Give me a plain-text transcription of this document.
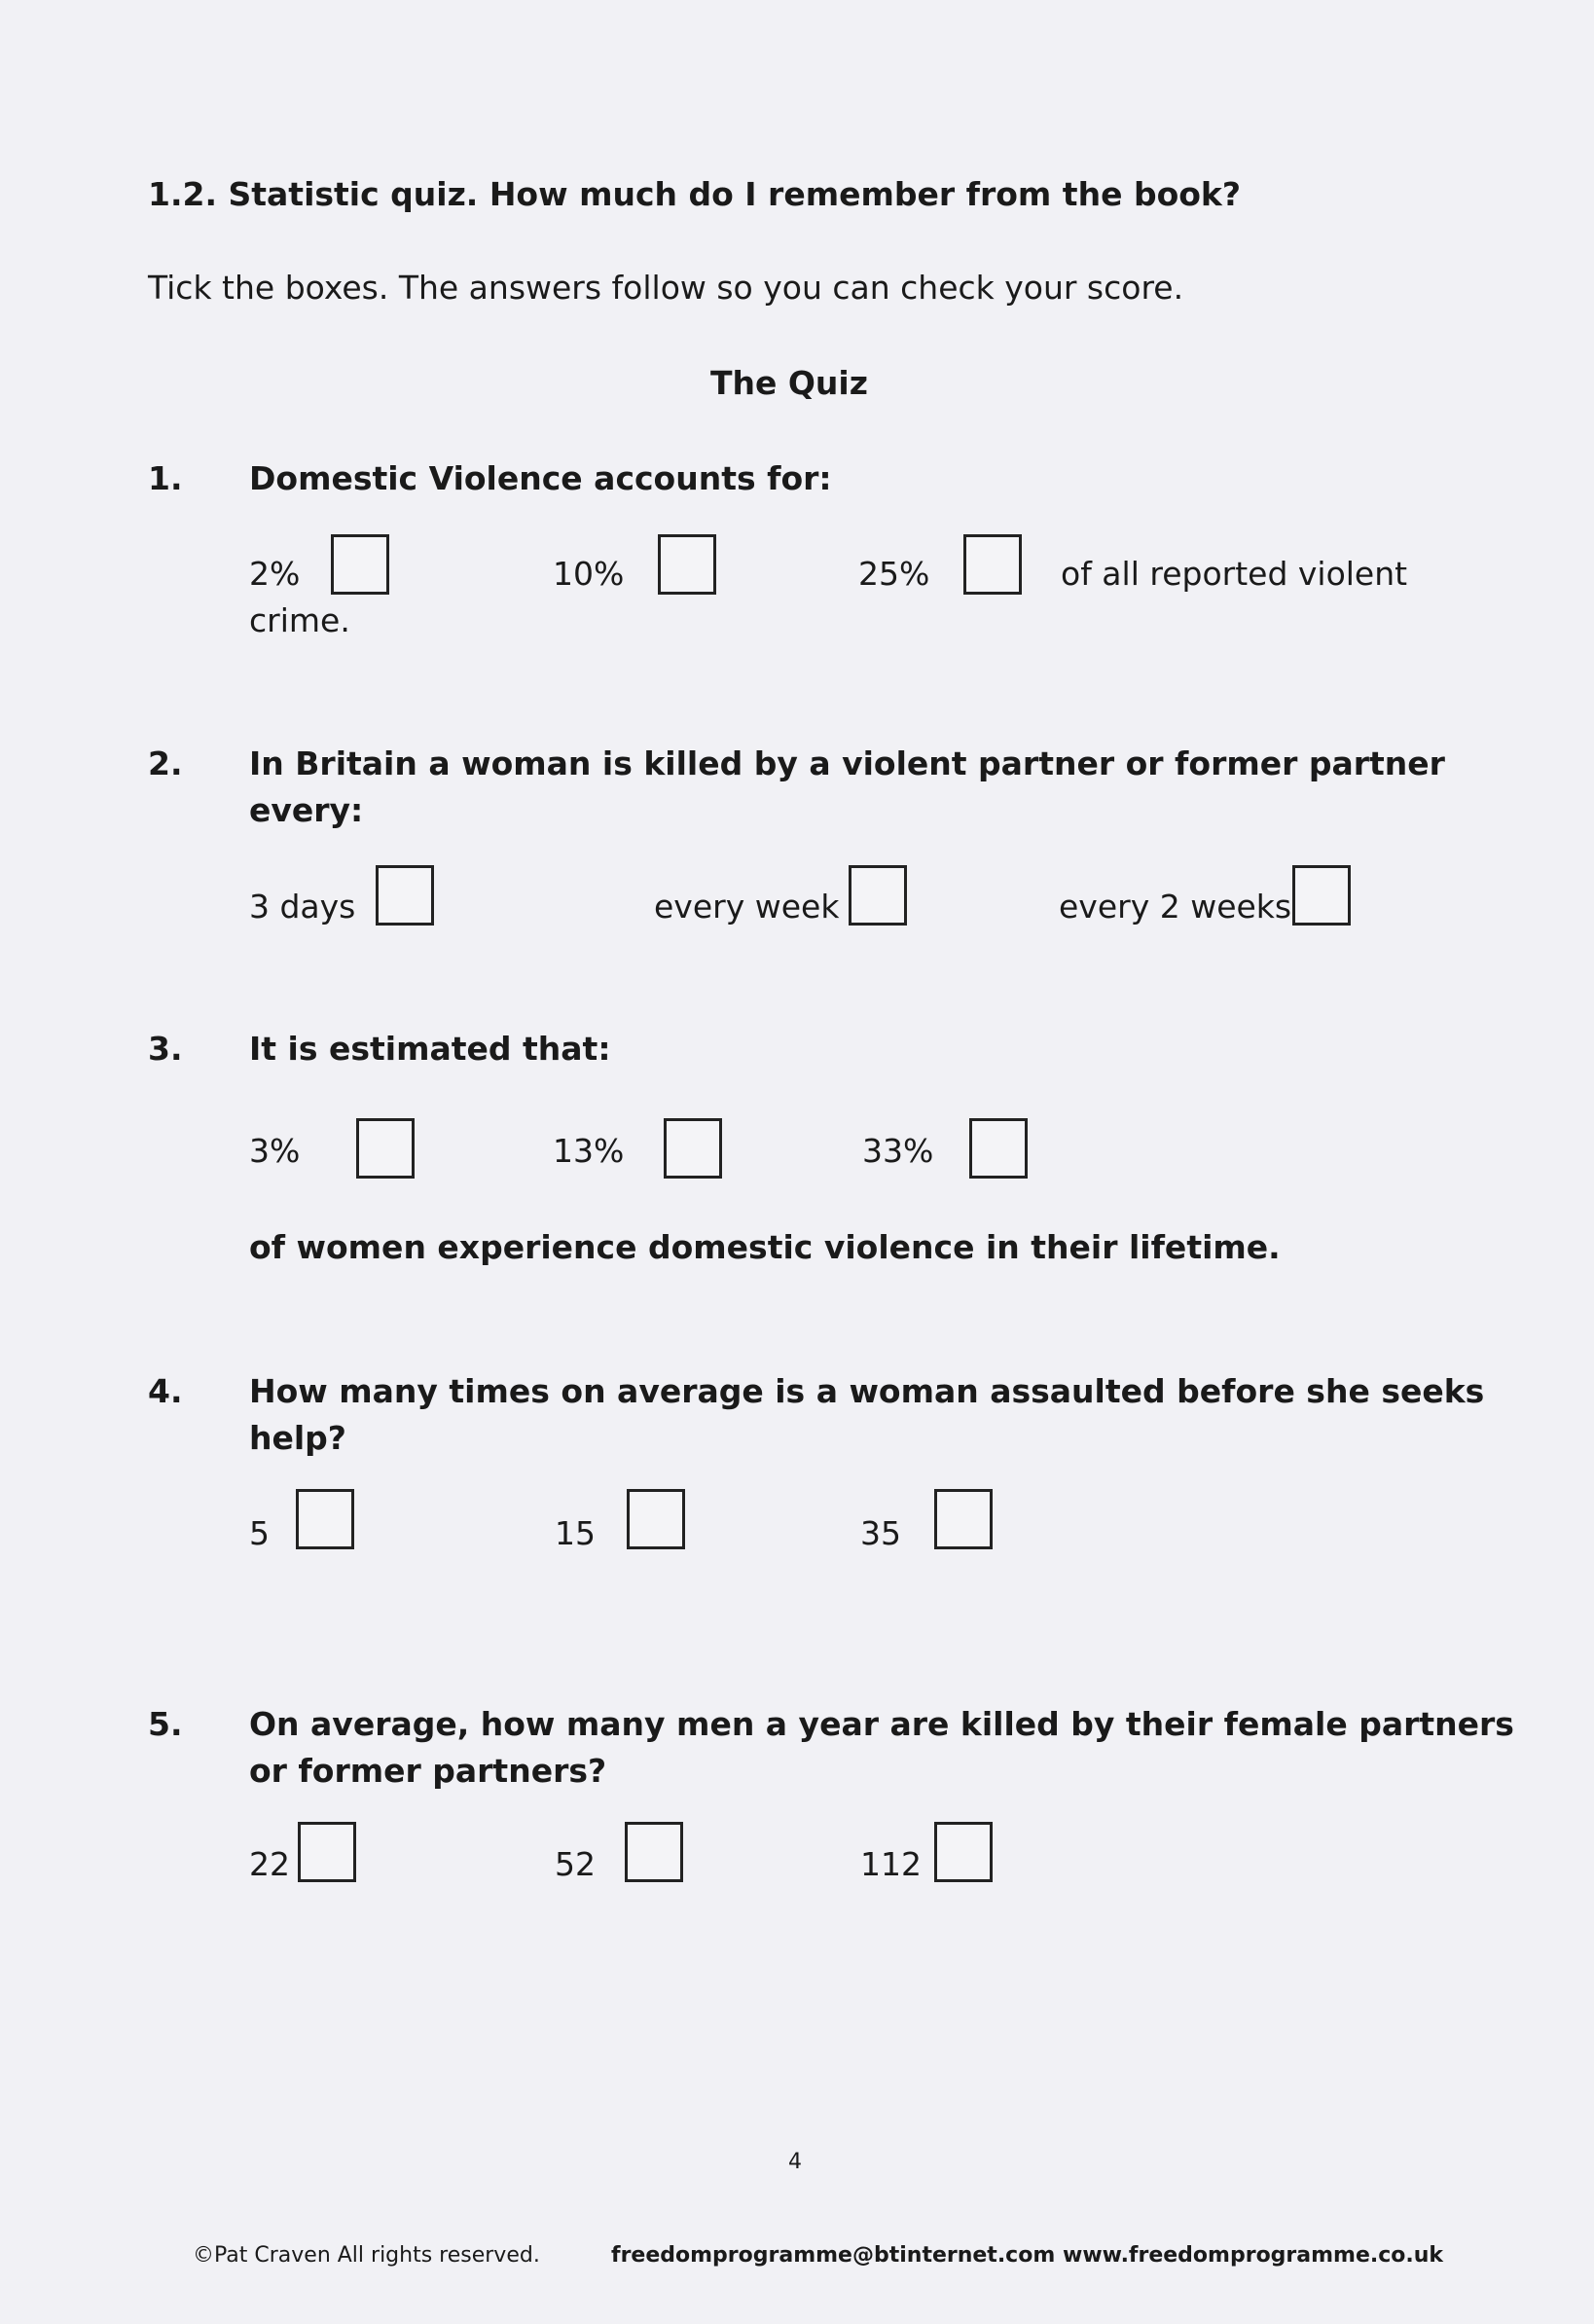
1.2. Statistic quiz. How much do I remember from the book?
Tick the boxes. The answers follow so you can check your score.
The Quiz
1. Domestic Violence accounts for:
2%	10%	25%	of all reported violent
crime.
2. In Britain a woman is killed by a violent partner or former partner
every:
3 days	every week	every 2 weeks
3. It is estimated that:
3%	13%	33%
of women experience domestic violence in their lifetime.
4. How many times on average is a woman assaulted before she seeks
help?
5	15	35
5. On average, how many men a year are killed by their female partners
or former partners?
22	52	112
4
©Pat Craven All rights reserved.	freedomprogramme@btinternet.com www.freedomprogramme.co.uk
